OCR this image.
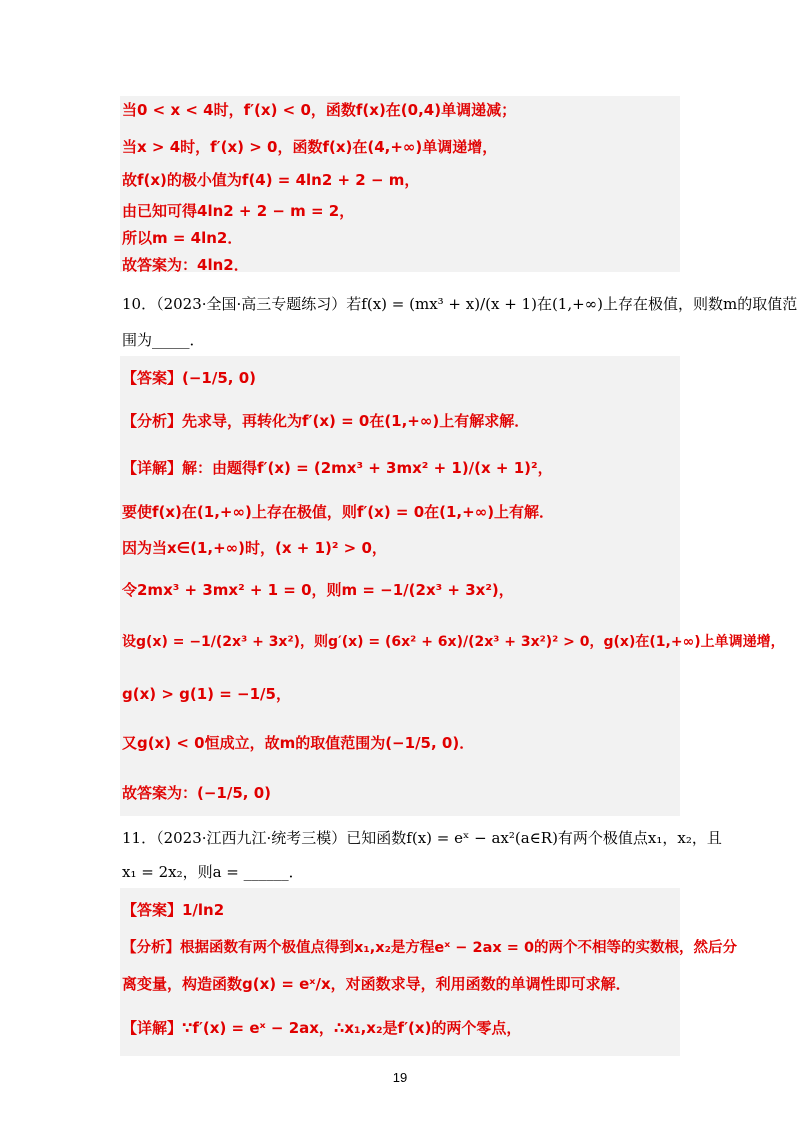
当0 < x < 4时，f′(x) < 0，函数f(x)在(0,4)单调递减；
当x > 4时，f′(x) > 0，函数f(x)在(4,+∞)单调递增，
故f(x)的极小值为f(4) = 4ln2 + 2 − m，
由已知可得4ln2 + 2 − m = 2，
所以m = 4ln2．
故答案为：4ln2．
10．（2023·全国·高三专题练习）若f(x) = (mx³ + x)/(x + 1)在(1,+∞)上存在极值，则数m的取值范
围为_____．
【答案】(−1/5, 0)
【分析】先求导，再转化为f′(x) = 0在(1,+∞)上有解求解．
【详解】解：由题得f′(x) = (2mx³ + 3mx² + 1)/(x + 1)²，
要使f(x)在(1,+∞)上存在极值，则f′(x) = 0在(1,+∞)上有解．
因为当x∈(1,+∞)时，(x + 1)² > 0，
令2mx³ + 3mx² + 1 = 0，则m = −1/(2x³ + 3x²)，
设g(x) = −1/(2x³ + 3x²)，则g′(x) = (6x² + 6x)/(2x³ + 3x²)² > 0，g(x)在(1,+∞)上单调递增，
g(x) > g(1) = −1/5，
又g(x) < 0恒成立，故m的取值范围为(−1/5, 0)．
故答案为：(−1/5, 0)
11．（2023·江西九江·统考三模）已知函数f(x) = eˣ − ax²(a∈R)有两个极值点x₁，x₂，且
x₁ = 2x₂，则a = ______．
【答案】1/ln2
【分析】根据函数有两个极值点得到x₁,x₂是方程eˣ − 2ax = 0的两个不相等的实数根，然后分
离变量，构造函数g(x) = eˣ/x，对函数求导，利用函数的单调性即可求解．
【详解】∵f′(x) = eˣ − 2ax，∴x₁,x₂是f′(x)的两个零点，
19
